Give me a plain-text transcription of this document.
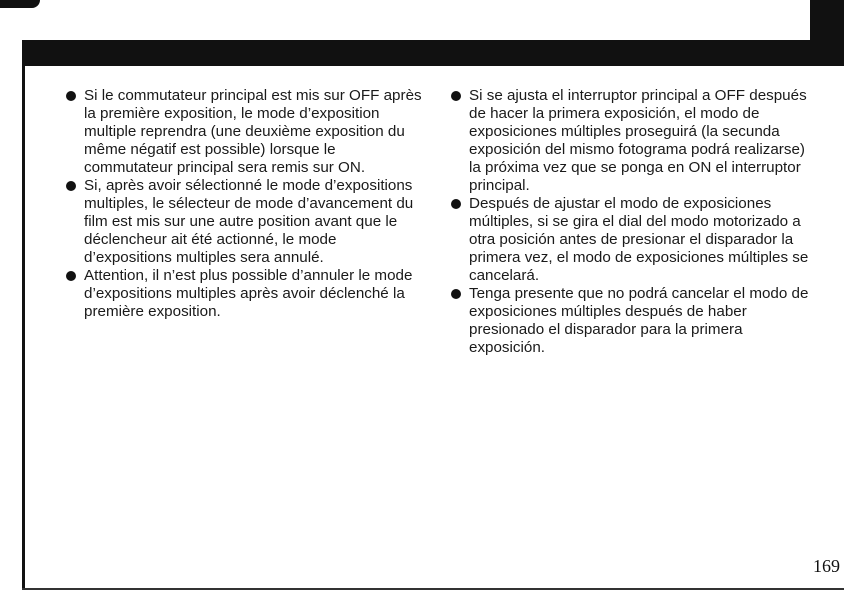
Si le commutateur principal est mis sur OFF après la première exposition, le mode d’exposition multiple reprendra (une deuxième exposition du même négatif est possible) lorsque le commutateur principal sera remis sur ON.

Si, après avoir sélectionné le mode d’expositions multiples, le sélecteur de mode d’avancement du film est mis sur une autre position avant que le déclencheur ait été actionné, le mode d’expositions multiples sera annulé.

Attention, il n’est plus possible d’annuler le mode d’expositions multiples après avoir déclenché la première exposition.

Si se ajusta el interruptor principal a OFF después de hacer la primera exposición, el modo de exposiciones múltiples proseguirá (la secunda exposición del mismo fotograma podrá realizarse) la próxima vez que se ponga en ON el interruptor principal.

Después de ajustar el modo de exposiciones múltiples, si se gira el dial del modo motorizado a otra posición antes de presionar el disparador la primera vez, el modo de exposiciones múltiples se cancelará.

Tenga presente que no podrá cancelar el modo de exposiciones múltiples después de haber presionado el disparador para la primera exposición.

169
